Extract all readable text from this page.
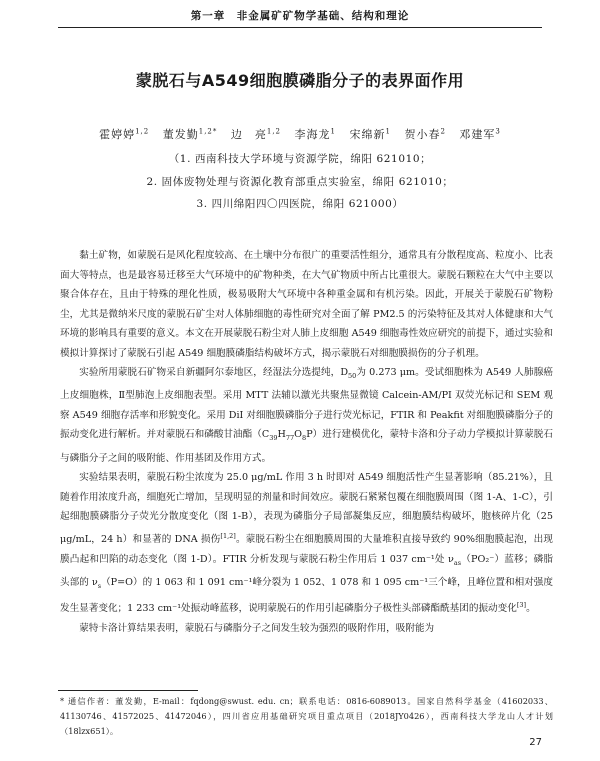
第一章　非金属矿矿物学基础、结构和理论
蒙脱石与A549细胞膜磷脂分子的表界面作用
霍婷婷$^{1,2}$ 董发勤$^{1,2*}$ 边　亮$^{1,2}$ 李海龙$^1$ 宋绵新$^1$ 贺小春$^2$ 邓建军$^3$
（1. 西南科技大学环境与资源学院，绵阳 621010；
2. 固体废物处理与资源化教育部重点实验室，绵阳 621010；
3. 四川绵阳四〇四医院，绵阳 621000）

黏土矿物，如蒙脱石是风化程度较高、在土壤中分布很广的重要活性组分，通常具有分散程度高、粒度小、比表面大等特点，也是最容易迁移至大气环境中的矿物种类，在大气矿物质中所占比重很大。蒙脱石颗粒在大气中主要以聚合体存在，且由于特殊的理化性质，极易吸附大气环境中各种重金属和有机污染。因此，开展关于蒙脱石矿物粉尘，尤其是微纳米尺度的蒙脱石矿尘对人体肺细胞的毒性研究对全面了解 PM2.5 的污染特征及其对人体健康和大气环境的影响具有重要的意义。本文在开展蒙脱石粉尘对人肺上皮细胞 A549 细胞毒性效应研究的前提下，通过实验和模拟计算探讨了蒙脱石引起 A549 细胞膜磷脂结构破坏方式，揭示蒙脱石对细胞膜损伤的分子机理。

实验所用蒙脱石矿物采自新疆阿尔泰地区，经湿法分选提纯，$D_{50}$为 0.273 μm。受试细胞株为 A549 人肺腺癌上皮细胞株，Ⅱ型肺泡上皮细胞表型。采用 MTT 法辅以激光共聚焦显微镜 Calcein-AM/PI 双荧光标记和 SEM 观察 A549 细胞存活率和形貌变化。采用 DiI 对细胞膜磷脂分子进行荧光标记，FTIR 和 Peakfit 对细胞膜磷脂分子的振动变化进行解析。并对蒙脱石和磷酸甘油酯$(C_{39}H_{77}O_8P)$进行建模优化，蒙特卡洛和分子动力学模拟计算蒙脱石与磷脂分子之间的吸附能、作用基团及作用方式。

实验结果表明，蒙脱石粉尘浓度为 25.0 μg/mL 作用 3 h 时即对 A549 细胞活性产生显著影响（85.21%），且随着作用浓度升高，细胞死亡增加，呈现明显的剂量和时间效应。蒙脱石紧紧包覆在细胞膜周围（图 1-A、1-C），引起细胞膜磷脂分子荧光分散度变化（图 1-B），表现为磷脂分子局部凝集反应，细胞膜结构破坏，胞核碎片化（25 μg/mL，24 h）和显著的 DNA 损伤[1,2]。蒙脱石粉尘在细胞膜周围的大量堆积直接导致约 90%细胞膜起泡，出现膜凸起和凹陷的动态变化（图 1-D）。FTIR 分析发现与蒙脱石粉尘作用后 1 037 cm⁻¹处 $\nu_{as}(PO_2^-)$蓝移；磷脂头部的 $\nu_s(P=O)$的 1 063 和 1 091 cm⁻¹峰分裂为 1 052、1 078 和 1 095 cm⁻¹三个峰，且峰位置和相对强度发生显著变化；1 233 cm⁻¹处振动峰蓝移，说明蒙脱石的作用引起磷脂分子极性头部磷酯酰基团的振动变化[3]。

蒙特卡洛计算结果表明，蒙脱石与磷脂分子之间发生较为强烈的吸附作用，吸附能为

* 通信作者：董发勤，E-mail：fqdong@swust. edu. cn；联系电话：0816-6089013。国家自然科学基金（41602033、41130746、41572025、41472046），四川省应用基础研究项目重点项目（2018JY0426），西南科技大学龙山人才计划（18lzx651）。
27
